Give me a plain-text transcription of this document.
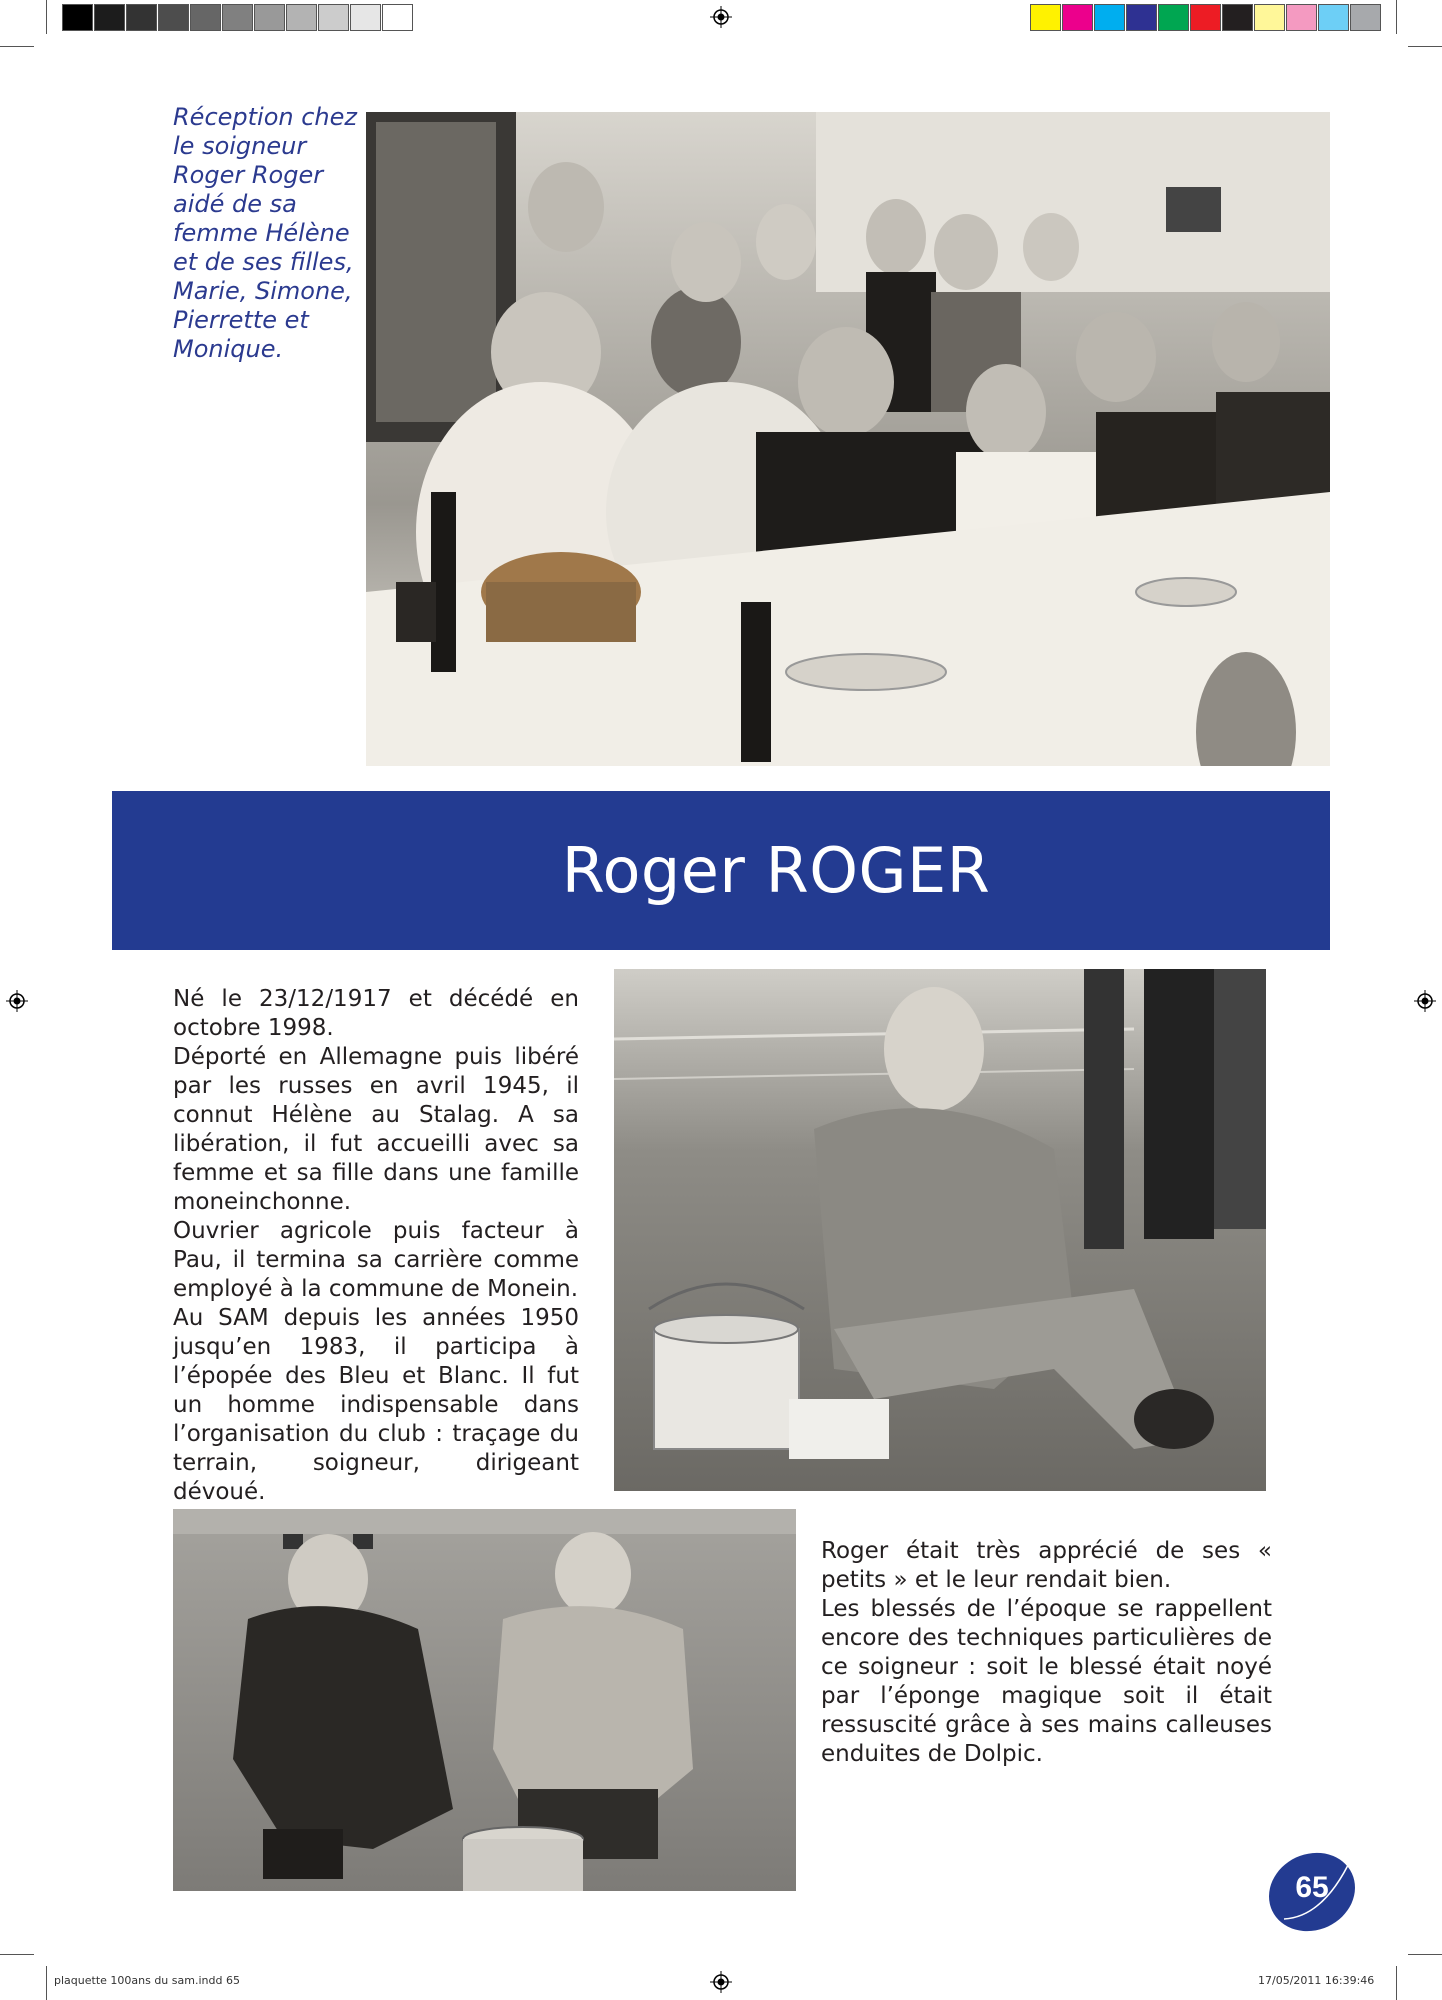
Réception chez
le soigneur
Roger Roger
aidé de sa
femme Hélène
et de ses filles,
Marie, Simone,
Pierrette et
Monique.
Roger ROGER

Né le 23/12/1917 et décédé en octobre 1998.

Déporté en Allemagne puis libéré par les russes en avril 1945, il connut Hélène au Stalag. A sa libération, il fut accueilli avec sa femme et sa fille dans une famille moneinchonne.

Ouvrier agricole puis facteur à Pau, il termina sa carrière comme employé à la commune de Monein.

Au SAM depuis les années 1950 jusqu’en 1983, il participa à l’épopée des Bleu et Blanc. Il fut un homme indispensable dans l’organisation du club : traçage du terrain, soigneur, dirigeant dévoué.

Roger était très apprécié de ses « petits » et le leur rendait bien.

Les blessés de l’époque se rappellent encore des techniques particulières de ce soigneur : soit le blessé était noyé par l’éponge magique soit il était ressuscité grâce à ses mains calleuses enduites de Dolpic.

65
plaquette 100ans du sam.indd 65	17/05/2011 16:39:46
